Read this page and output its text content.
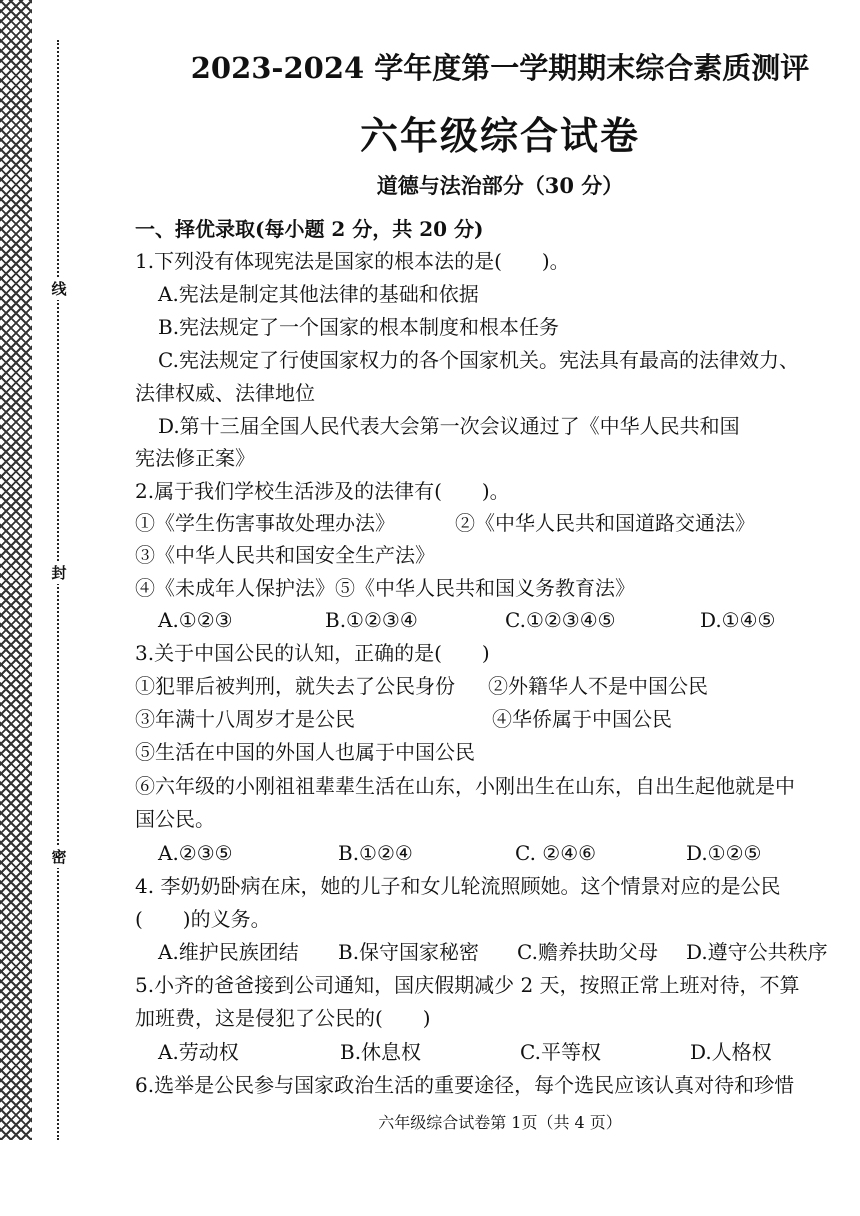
线
封
密
2023-2024 学年度第一学期期末综合素质测评
六年级综合试卷
道德与法治部分（30 分）
一、择优录取(每小题 2 分，共 20 分)
1.下列没有体现宪法是国家的根本法的是(　　)。
A.宪法是制定其他法律的基础和依据
B.宪法规定了一个国家的根本制度和根本任务
C.宪法规定了行使国家权力的各个国家机关。宪法具有最高的法律效力、
法律权威、法律地位
D.第十三届全国人民代表大会第一次会议通过了《中华人民共和国
宪法修正案》
2.属于我们学校生活涉及的法律有(　　)。
①《学生伤害事故处理办法》	②《中华人民共和国道路交通法》
③《中华人民共和国安全生产法》
④《未成年人保护法》⑤《中华人民共和国义务教育法》
A.①②③	B.①②③④	C.①②③④⑤	D.①④⑤
3.关于中国公民的认知，正确的是(　　)
①犯罪后被判刑，就失去了公民身份 ②外籍华人不是中国公民
③年满十八周岁才是公民	④华侨属于中国公民
⑤生活在中国的外国人也属于中国公民
⑥六年级的小刚祖祖辈辈生活在山东，小刚出生在山东，自出生起他就是中
国公民。
A.②③⑤	B.①②④	C. ②④⑥	D.①②⑤
4. 李奶奶卧病在床，她的儿子和女儿轮流照顾她。这个情景对应的是公民
(　　)的义务。
A.维护民族团结 B.保守国家秘密 C.赡养扶助父母 D.遵守公共秩序
5.小齐的爸爸接到公司通知，国庆假期减少 2 天，按照正常上班对待，不算
加班费，这是侵犯了公民的(　　)
A.劳动权	B.休息权	C.平等权	D.人格权
6.选举是公民参与国家政治生活的重要途径，每个选民应该认真对待和珍惜
六年级综合试卷第 1页（共 4 页）
